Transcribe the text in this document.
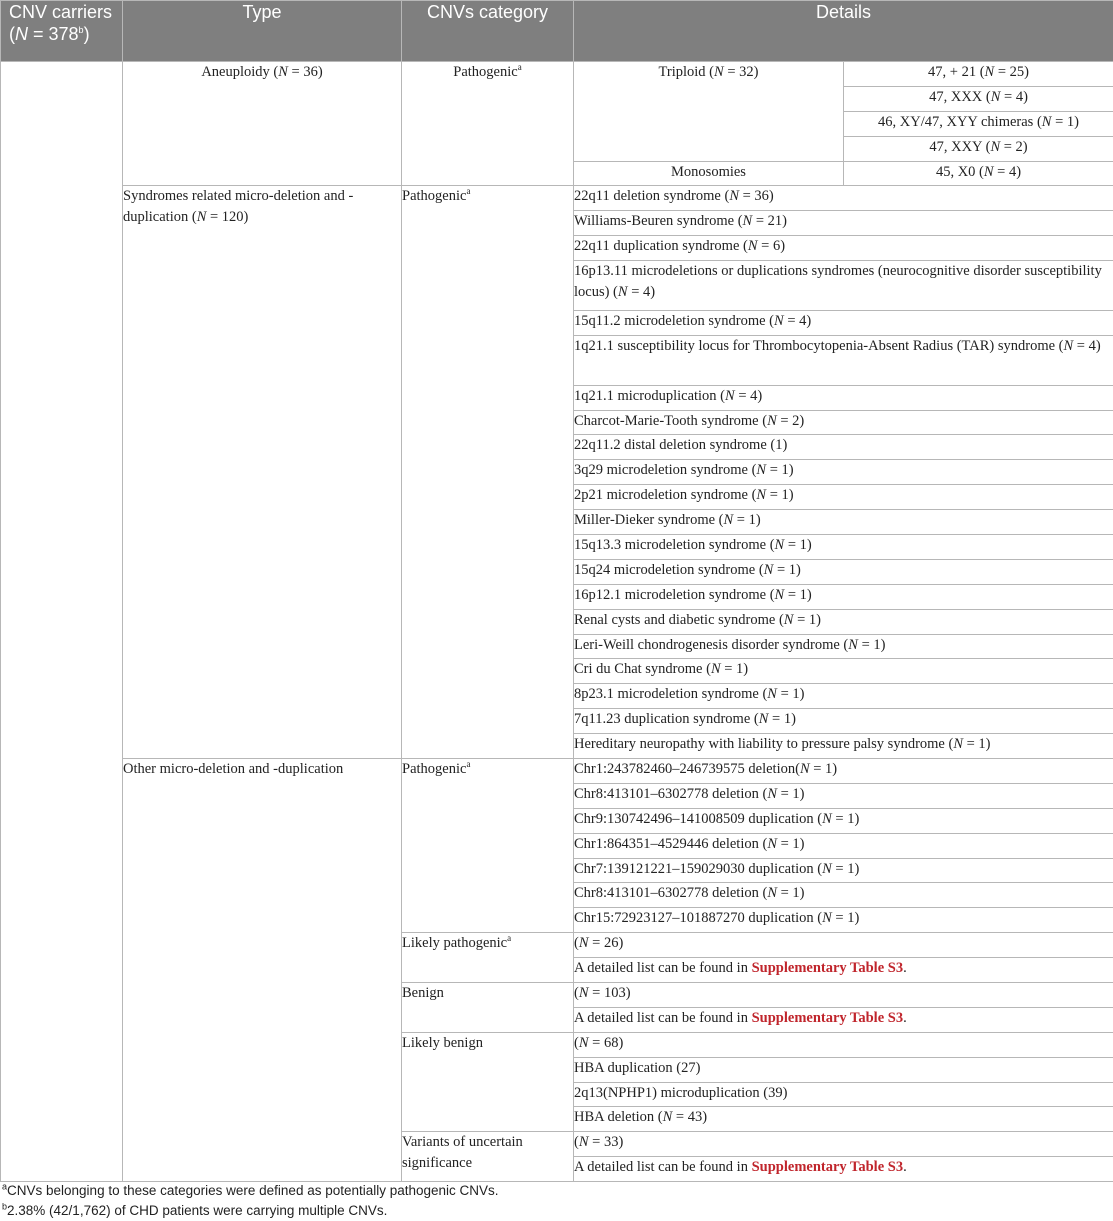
CNV carriers
$(N = 378^b)$	Type	CNVs category	Details	
	Aneuploidy (N = 36)	Pathogenic$^a$	Triploid (N = 32)	47, + 21 (N = 25)
				47, XXX (N = 4)
				46, XY/47, XYY chimeras (N = 1)
				47, XXY (N = 2)
			Monosomies	45, X0 (N = 4)
	Syndromes related micro-deletion and -duplication (N = 120)	Pathogenic$^a$	22q11 deletion syndrome (N = 36)	
			Williams-Beuren syndrome (N = 21)	
			22q11 duplication syndrome (N = 6)	
			16p13.11 microdeletions or duplications syndromes (neurocognitive disorder susceptibility locus) (N = 4)	
			15q11.2 microdeletion syndrome (N = 4)	
			1q21.1 susceptibility locus for Thrombocytopenia-Absent Radius (TAR) syndrome (N = 4)	
			1q21.1 microduplication (N = 4)	
			Charcot-Marie-Tooth syndrome (N = 2)	
			22q11.2 distal deletion syndrome (1)	
			3q29 microdeletion syndrome (N = 1)	
			2p21 microdeletion syndrome (N = 1)	
			Miller-Dieker syndrome (N = 1)	
			15q13.3 microdeletion syndrome (N = 1)	
			15q24 microdeletion syndrome (N = 1)	
			16p12.1 microdeletion syndrome (N = 1)	
			Renal cysts and diabetic syndrome (N = 1)	
			Leri-Weill chondrogenesis disorder syndrome (N = 1)	
			Cri du Chat syndrome (N = 1)	
			8p23.1 microdeletion syndrome (N = 1)	
			7q11.23 duplication syndrome (N = 1)	
			Hereditary neuropathy with liability to pressure palsy syndrome (N = 1)	
	Other micro-deletion and -duplication	Pathogenic$^a$	Chr1:243782460–246739575 deletion(N = 1)	
			Chr8:413101–6302778 deletion (N = 1)	
			Chr9:130742496–141008509 duplication (N = 1)	
			Chr1:864351–4529446 deletion (N = 1)	
			Chr7:139121221–159029030 duplication (N = 1)	
			Chr8:413101–6302778 deletion (N = 1)	
			Chr15:72923127–101887270 duplication (N = 1)	
		Likely pathogenic$^a$	(N = 26)	
			A detailed list can be found in Supplementary Table S3.	
		Benign	(N = 103)	
			A detailed list can be found in Supplementary Table S3.	
		Likely benign	(N = 68)	
			HBA duplication (27)	
			2q13(NPHP1) microduplication (39)	
			HBA deletion (N = 43)	
		Variants of uncertain significance	(N = 33)	
			A detailed list can be found in Supplementary Table S3.	
$^a$CNVs belonging to these categories were defined as potentially pathogenic CNVs.
$^b$2.38% (42/1,762) of CHD patients were carrying multiple CNVs.
